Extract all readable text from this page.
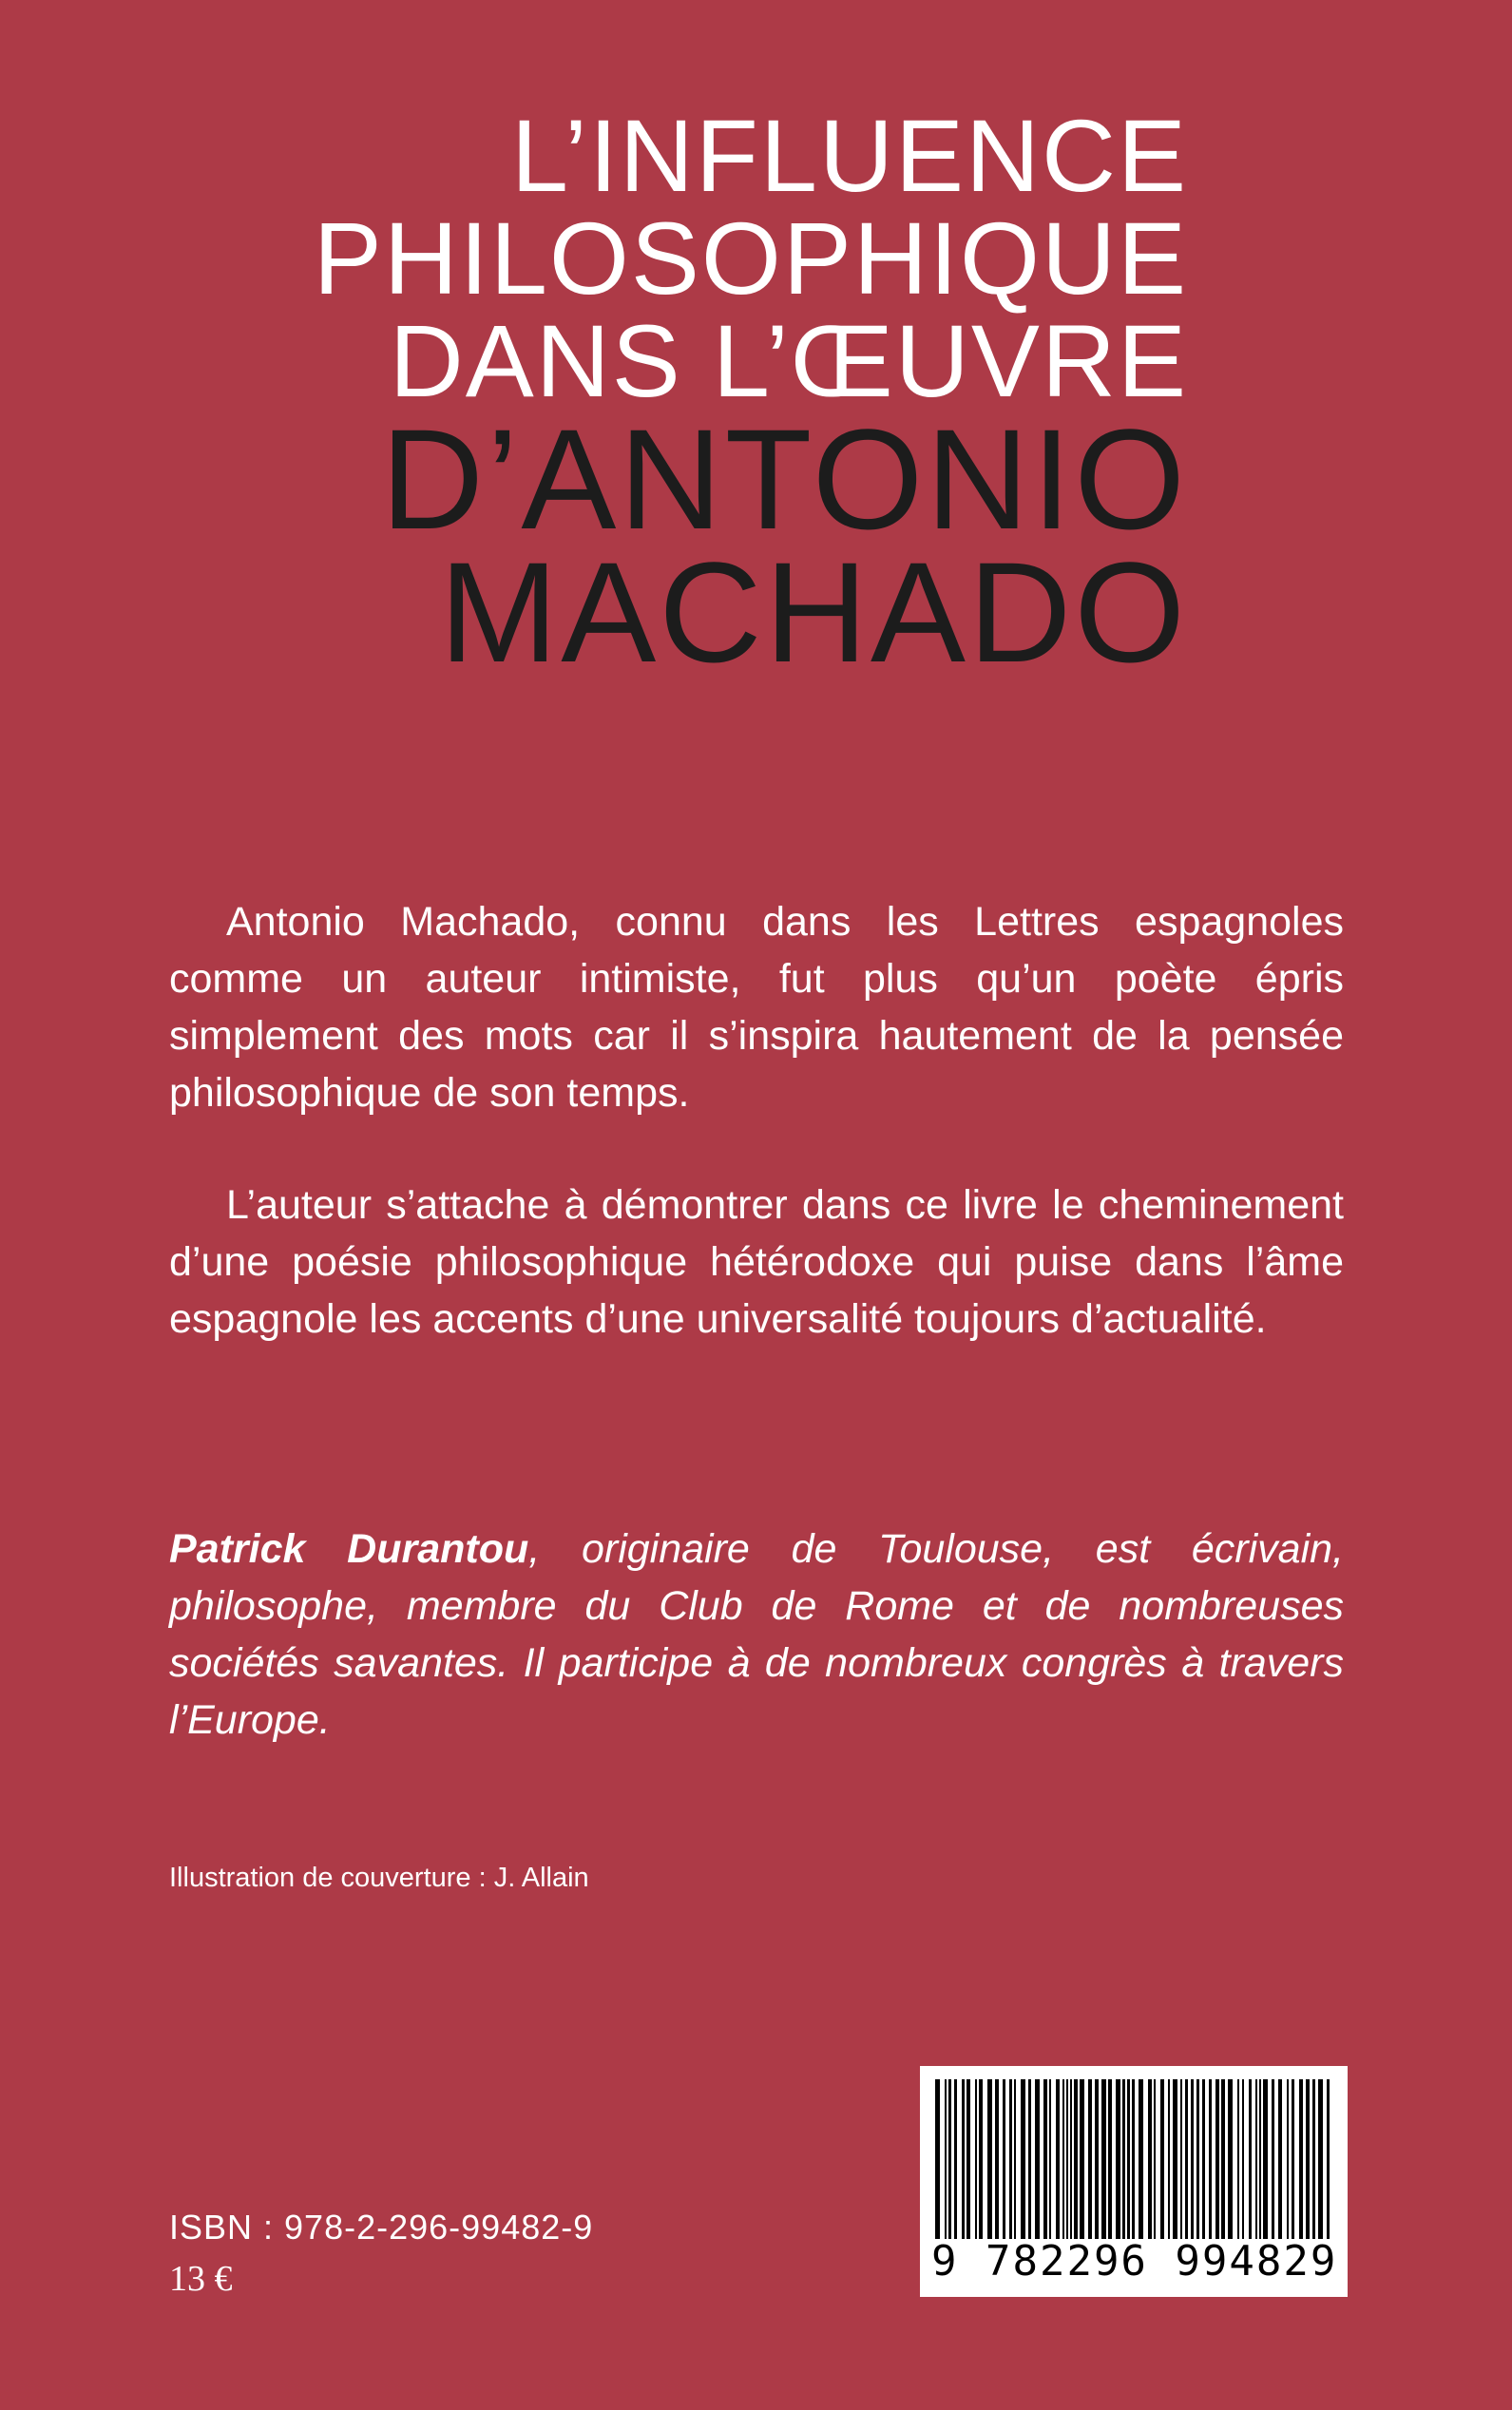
L’INFLUENCE
PHILOSOPHIQUE
DANS L’ŒUVRE
D’ANTONIO
MACHADO

Antonio Machado, connu dans les Lettres espagnoles comme un auteur intimiste, fut plus qu’un poète épris simplement des mots car il s’inspira hautement de la pensée philosophique de son temps.

L’auteur s’attache à démontrer dans ce livre le cheminement d’une poésie philosophique hétérodoxe qui puise dans l’âme espagnole les accents d’une universalité toujours d’actualité.

Patrick Durantou, originaire de Toulouse, est écrivain, philosophe, membre du Club de Rome et de nombreuses sociétés savantes. Il participe à de nombreux congrès à travers l’Europe.
Illustration de couverture : J. Allain
ISBN : 978-2-296-99482-9
13 €	9 782296 994829
